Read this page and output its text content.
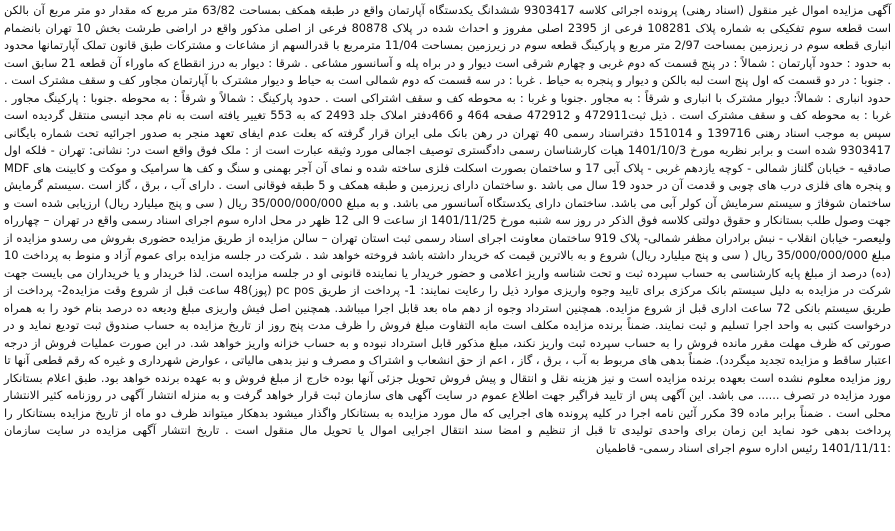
آگهی مزایده اموال غیر منقول (اسناد رهنی) پرونده اجرائی کلاسه 9303417 ششدانگ یکدستگاه آپارتمان واقع در طبقه همکف بمساحت 63/82 متر مربع که مقدار دو متر مربع آن بالکن است قطعه سوم تفکیکی به شماره پلاک 108281 فرعی از 2395 اصلی مفروز و احداث شده در پلاک 80878 فرعی از اصلی مذکور واقع در اراضی طرشت بخش 10 تهران بانضمام انباری قطعه سوم در زیرزمین بمساحت 2/97 متر مربع و پارکینگ قطعه سوم در زیرزمین بمساحت 11/04 مترمربع با قدرالسهم از مشاعات و مشترکات طبق قانون تملک آپارتمانها محدود به حدود : حدود آپارتمان : شمالاً : در پنج قسمت که دوم غربی و چهارم شرقی است دیوار و در براه پله و آسانسور مشاعی . شرقا : دیوار به درز انقطاع که ماوراء آن قطعه 21 سابق است . جنوبا : در دو قسمت که اول پنج است لبه بالکن و دیوار و پنجره به حیاط . غربا : در سه قسمت که دوم شمالی است به حیاط و دیوار مشترک با آپارتمان مجاور کف و سقف مشترک است . حدود انباری : شمالاً: دیوار مشترک با انباری و شرقاً : به مجاور .جنوبا و غربا : به محوطه کف و سقف اشتراکی است . حدود پارکینگ : شمالاً و شرقاً : به محوطه .جنوبا : پارکینگ مجاور . غربا : به محوطه کف و سقف مشترک است . ذیل ثبت472911 و 472912 صفحه 464 و 466دفتر املاک جلد 2493 که به 553 تغییر یافته است به نام مجد انیسی منتقل گردیده است سپس به موجب اسناد رهنی 139716 و 151014 دفتراسناد رسمی 40 تهران در رهن بانک ملی ایران قرار گرفته که بعلت عدم ایفای تعهد منجر به صدور اجرائیه تحت شماره بایگانی 9303417 شده است و برابر نظریه مورخ 1401/10/3 هیات کارشناسان رسمی دادگستری توصیف اجمالی مورد وثیقه عبارت است از : ملک فوق واقع است در: نشانی: تهران - فلکه اول صادقیه - خیابان گلناز شمالی - کوچه یازدهم غربی - پلاک آبی 17 و ساختمان بصورت اسکلت فلزی ساخته شده و نمای آن آجر بهمنی و سنگ و کف ها سرامیک و موکت و کابینت های MDF و پنجره های فلزی درب های چوبی و قدمت آن در حدود 19 سال می باشد .و ساختمان دارای زیرزمین و طبقه همکف و 5 طبقه فوقانی است . دارای آب ، برق ، گاز است .سیستم گرمایش ساختمان شوفاژ و سیستم سرمایش آن کولر آبی می باشد. ساختمان دارای یکدستگاه آسانسور می باشد. و به مبلغ 35/000/000/000 ریال ( سی و پنج میلیارد ریال) ارزیابی شده است و جهت وصول طلب بستانکار و حقوق دولتی کلاسه فوق الذکر در روز سه شنبه مورخ 1401/11/25 از ساعت 9 الی 12 ظهر در محل اداره سوم اجرای اسناد رسمی واقع در تهران – چهارراه ولیعصر- خیابان انقلاب - نبش برادران مظفر شمالی- پلاک 919 ساختمان معاونت اجرای اسناد رسمی ثبت استان تهران – سالن مزایده از طریق مزایده حضوری بفروش می رسدو مزایده از مبلغ 35/000/000/000 ریال ( سی و پنج میلیارد ریال) شروع و به بالاترین قیمت که خریدار داشته باشد فروخته خواهد شد . شرکت در جلسه مزایده برای عموم آزاد و منوط به پرداخت 10 (ده) درصد از مبلغ پایه کارشناسی به حساب سپرده ثبت و تحت شناسه واریز اعلامی و حضور خریدار یا نماینده قانونی او در جلسه مزایده است. لذا خریدار و یا خریداران می بایست جهت شرکت در مزایده به دلیل سیستم بانک مرکزی برای تایید وجوه واریزی موارد ذیل را رعایت نمایند: 1- پرداخت از طریق pc pos (پوز)48 ساعت قبل از شروع وقت مزایده2- پرداخت از طریق سیستم بانکی 72 ساعت اداری قبل از شروع مزایده. همچنین استرداد وجوه از دهم ماه بعد قابل اجرا میباشد. همچنین اصل فیش واریزی مبلغ ودیعه ده درصد بنام خود را به همراه درخواست کتبی به واحد اجرا تسلیم و ثبت نمایند. ضمناً برنده مزایده مکلف است مابه التفاوت مبلغ فروش را ظرف مدت پنج روز از تاریخ مزایده به حساب صندوق ثبت تودیع نماید و در صورتی که ظرف مهلت مقرر مانده فروش را به حساب سپرده ثبت واریز نکند، مبلغ مذکور قابل استرداد نبوده و به حساب خزانه واریز خواهد شد. در این صورت عملیات فروش از درجه اعتبار ساقط و مزایده تجدید میگردد). ضمناً بدهی های مربوط به آب ، برق ، گاز ، اعم از حق انشعاب و اشتراک و مصرف و نیز بدهی مالیاتی ، عوارض شهرداری و غیره که رقم قطعی آنها تا روز مزایده معلوم نشده است بعهده برنده مزایده است و نیز هزینه نقل و انتقال و پیش فروش تحویل جزئی آنها بوده خارج از مبلغ فروش و به عهده برنده خواهد بود. طبق اعلام بستانکار مورد مزایده در تصرف ...... می باشد. این آگهی پس از تایید فراگیر جهت اطلاع عموم در سایت آگهی های سازمان ثبت قرار خواهد گرفت و به منزله انتشار آگهی در روزنامه کثیر الانتشار محلی است . ضمناً برابر ماده 39 مکرر آئین نامه اجرا در کلیه پرونده های اجرایی که مال مورد مزایده به بستانکار واگذار میشود بدهکار میتواند ظرف دو ماه از تاریخ مزایده بستانکار را پرداخت بدهی خود نماید این زمان برای واحدی تولیدی تا قبل از تنظیم و امضا سند انتقال اجرایی اموال یا تحویل مال منقول است . تاریخ انتشار آگهی مزایده در سایت سازمان :1401/11/11 رئیس اداره سوم اجرای اسناد رسمی- قاطمیان
